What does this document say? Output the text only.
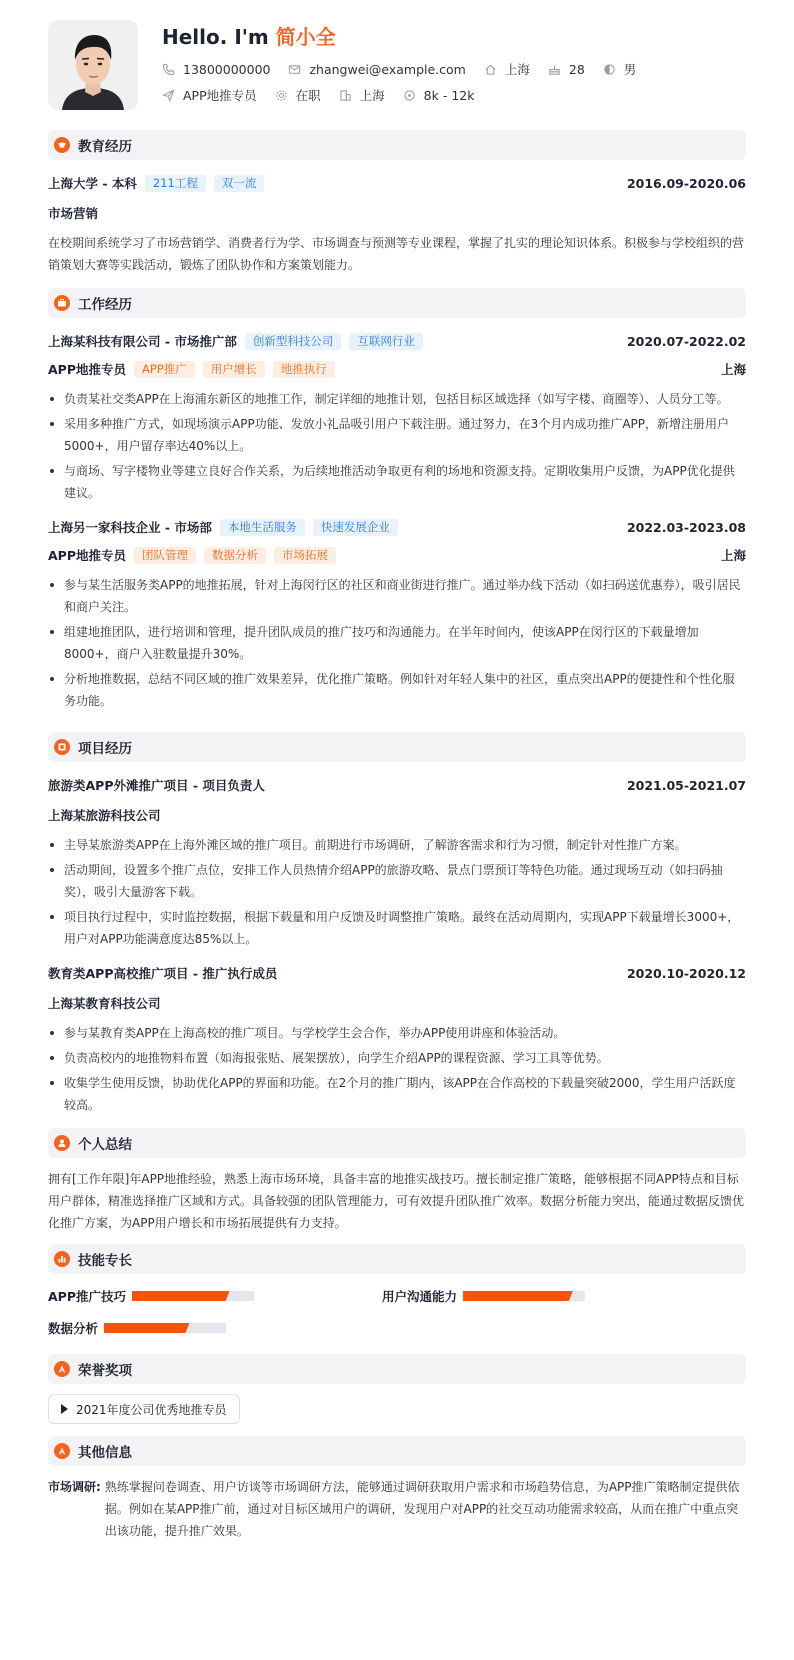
Hello. I'm 简小全
13800000000	zhangwei@example.com	上海	28	男
APP地推专员	在职	上海	8k - 12k
教育经历
上海大学 - 本科	211工程	双一流	2016.09-2020.06
市场营销
在校期间系统学习了市场营销学、消费者行为学、市场调查与预测等专业课程，掌握了扎实的理论知识体系。积极参与学校组织的营销策划大赛等实践活动，锻炼了团队协作和方案策划能力。
工作经历
上海某科技有限公司 - 市场推广部	创新型科技公司	互联网行业	2020.07-2022.02
APP地推专员	APP推广	用户增长	地推执行	上海
负责某社交类APP在上海浦东新区的地推工作，制定详细的地推计划，包括目标区域选择（如写字楼、商圈等）、人员分工等。
采用多种推广方式，如现场演示APP功能、发放小礼品吸引用户下载注册。通过努力，在3个月内成功推广APP，新增注册用户5000+，用户留存率达40%以上。
与商场、写字楼物业等建立良好合作关系，为后续地推活动争取更有利的场地和资源支持。定期收集用户反馈，为APP优化提供建议。
上海另一家科技企业 - 市场部	本地生活服务	快速发展企业	2022.03-2023.08
APP地推专员	团队管理	数据分析	市场拓展	上海
参与某生活服务类APP的地推拓展，针对上海闵行区的社区和商业街进行推广。通过举办线下活动（如扫码送优惠券），吸引居民和商户关注。
组建地推团队，进行培训和管理，提升团队成员的推广技巧和沟通能力。在半年时间内，使该APP在闵行区的下载量增加8000+，商户入驻数量提升30%。
分析地推数据，总结不同区域的推广效果差异，优化推广策略。例如针对年轻人集中的社区，重点突出APP的便捷性和个性化服务功能。
项目经历
旅游类APP外滩推广项目 - 项目负责人	2021.05-2021.07
上海某旅游科技公司
主导某旅游类APP在上海外滩区域的推广项目。前期进行市场调研，了解游客需求和行为习惯，制定针对性推广方案。
活动期间，设置多个推广点位，安排工作人员热情介绍APP的旅游攻略、景点门票预订等特色功能。通过现场互动（如扫码抽奖），吸引大量游客下载。
项目执行过程中，实时监控数据，根据下载量和用户反馈及时调整推广策略。最终在活动周期内，实现APP下载量增长3000+，用户对APP功能满意度达85%以上。
教育类APP高校推广项目 - 推广执行成员	2020.10-2020.12
上海某教育科技公司
参与某教育类APP在上海高校的推广项目。与学校学生会合作，举办APP使用讲座和体验活动。
负责高校内的地推物料布置（如海报张贴、展架摆放），向学生介绍APP的课程资源、学习工具等优势。
收集学生使用反馈，协助优化APP的界面和功能。在2个月的推广期内，该APP在合作高校的下载量突破2000，学生用户活跃度较高。
个人总结
拥有[工作年限]年APP地推经验，熟悉上海市场环境，具备丰富的地推实战技巧。擅长制定推广策略，能够根据不同APP特点和目标用户群体，精准选择推广区域和方式。具备较强的团队管理能力，可有效提升团队推广效率。数据分析能力突出，能通过数据反馈优化推广方案，为APP用户增长和市场拓展提供有力支持。
技能专长
APP推广技巧	用户沟通能力
数据分析
荣誉奖项
2021年度公司优秀地推专员
其他信息
市场调研: 熟练掌握问卷调查、用户访谈等市场调研方法，能够通过调研获取用户需求和市场趋势信息，为APP推广策略制定提供依据。例如在某APP推广前，通过对目标区域用户的调研，发现用户对APP的社交互动功能需求较高，从而在推广中重点突出该功能，提升推广效果。
